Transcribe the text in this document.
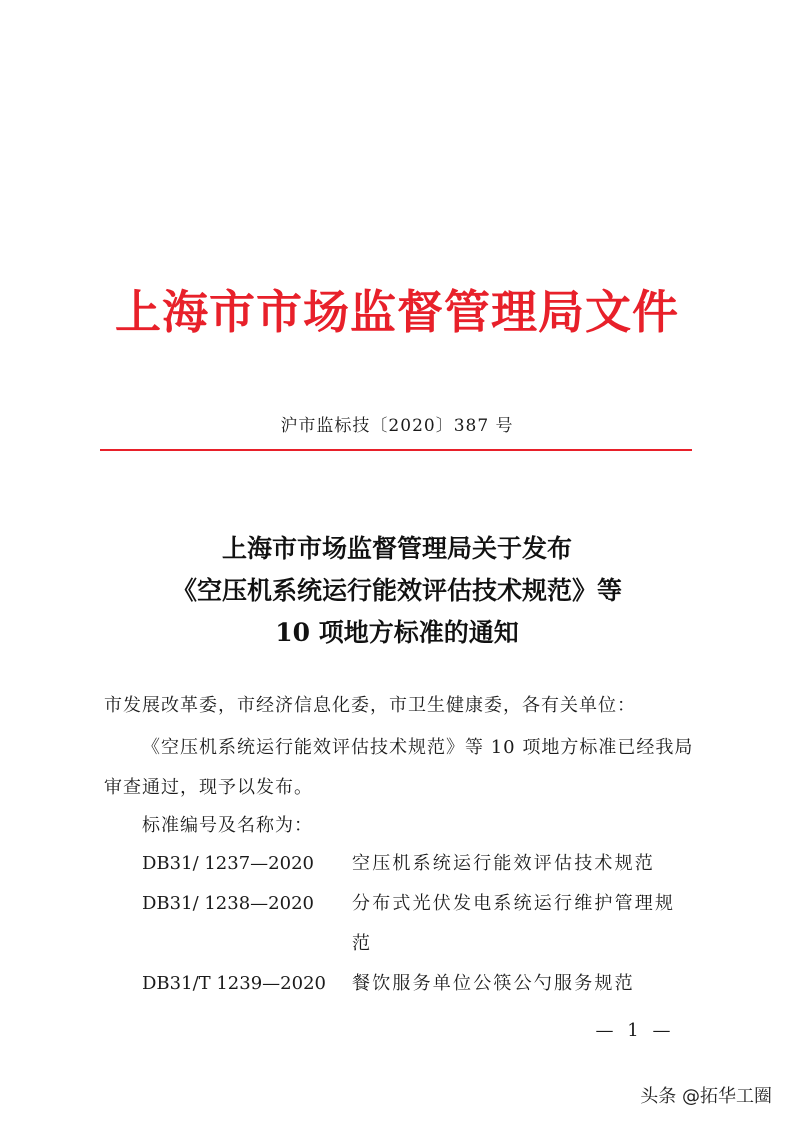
上海市市场监督管理局文件
沪市监标技〔2020〕387 号
上海市市场监督管理局关于发布
《空压机系统运行能效评估技术规范》等
10 项地方标准的通知
市发展改革委，市经济信息化委，市卫生健康委，各有关单位：
《空压机系统运行能效评估技术规范》等 10 项地方标准已经我局审查通过，现予以发布。
标准编号及名称为：
DB31/ 1237—2020	空压机系统运行能效评估技术规范
DB31/ 1238—2020	分布式光伏发电系统运行维护管理规范
DB31/T 1239—2020	餐饮服务单位公筷公勺服务规范
— 1 —
头条 @拓华工圈
